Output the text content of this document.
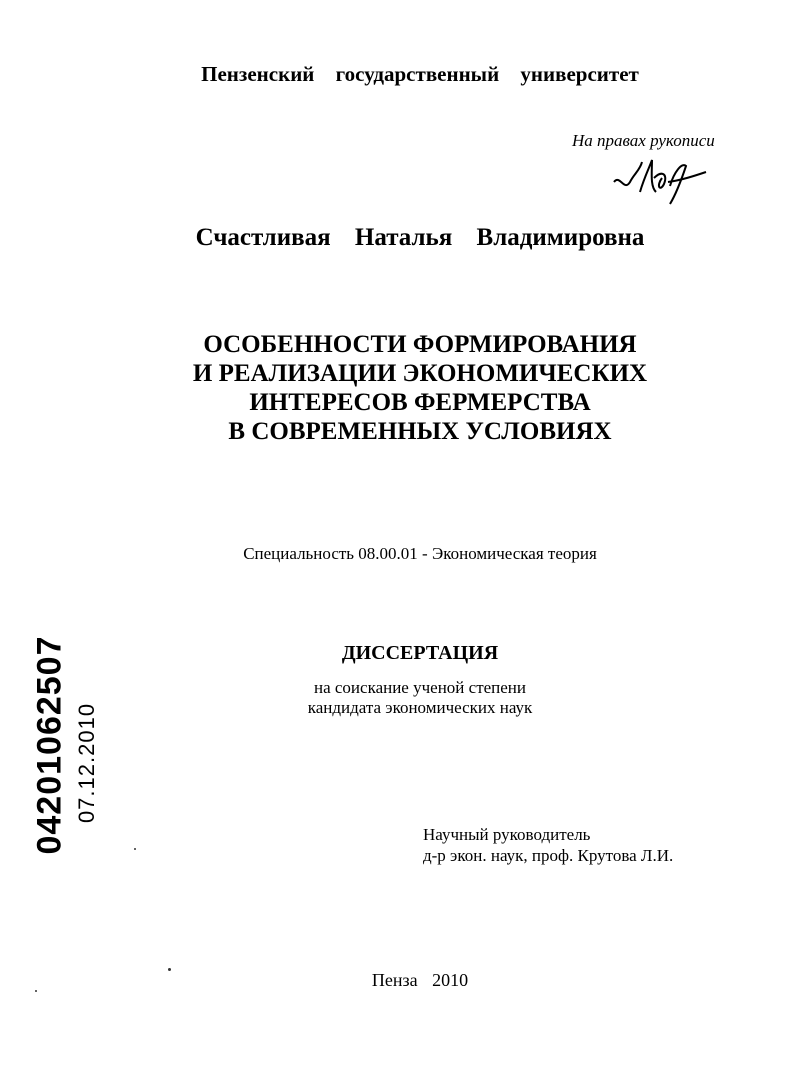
Пензенский государственный университет
На правах рукописи
Счастливая Наталья Владимировна
ОСОБЕННОСТИ ФОРМИРОВАНИЯ
И РЕАЛИЗАЦИИ ЭКОНОМИЧЕСКИХ
ИНТЕРЕСОВ ФЕРМЕРСТВА
В СОВРЕМЕННЫХ УСЛОВИЯХ
Специальность 08.00.01 - Экономическая теория
ДИССЕРТАЦИЯ
на соискание ученой степени
кандидата экономических наук
Научный руководитель
д-р экон. наук, проф. Крутова Л.И.
Пенза 2010
04201062507 07.12.2010
